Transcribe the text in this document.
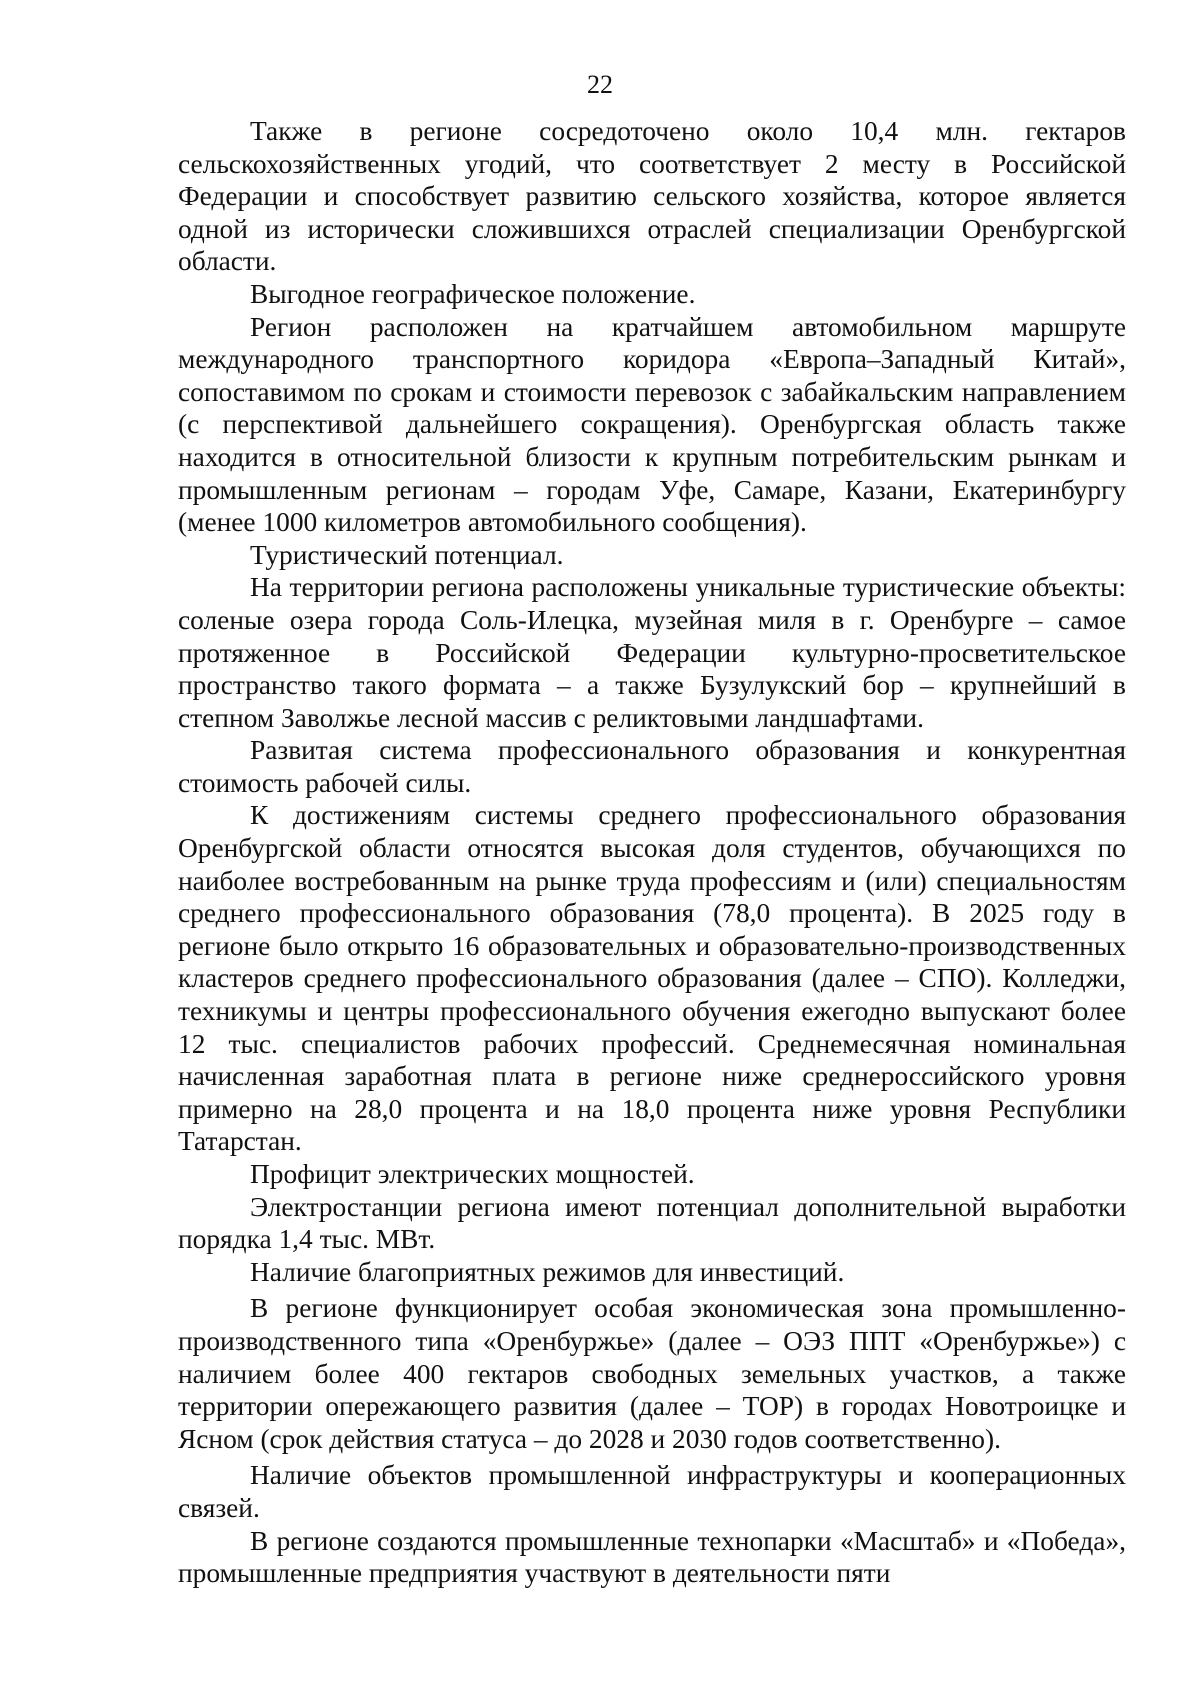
22

Также в регионе сосредоточено около 10,4 млн. гектаров сельскохозяйственных угодий, что соответствует 2 месту в Российской Федерации и способствует развитию сельского хозяйства, которое является одной из исторически сложившихся отраслей специализации Оренбургской области.

Выгодное географическое положение.

Регион расположен на кратчайшем автомобильном маршруте международного транспортного коридора «Европа–Западный Китай», сопоставимом по срокам и стоимости перевозок с забайкальским направлением (с перспективой дальнейшего сокращения). Оренбургская область также находится в относительной близости к крупным потребительским рынкам и промышленным регионам – городам Уфе, Самаре, Казани, Екатеринбургу (менее 1000 километров автомобильного сообщения).

Туристический потенциал.

На территории региона расположены уникальные туристические объекты: соленые озера города Соль-Илецка, музейная миля в г. Оренбурге – самое протяженное в Российской Федерации культурно-просветительское пространство такого формата – а также Бузулукский бор – крупнейший в степном Заволжье лесной массив с реликтовыми ландшафтами.

Развитая система профессионального образования и конкурентная стоимость рабочей силы.

К достижениям системы среднего профессионального образования Оренбургской области относятся высокая доля студентов, обучающихся по наиболее востребованным на рынке труда профессиям и (или) специальностям среднего профессионального образования (78,0 процента). В 2025 году в регионе было открыто 16 образовательных и образовательно-производственных кластеров среднего профессионального образования (далее – СПО). Колледжи, техникумы и центры профессионального обучения ежегодно выпускают более 12 тыс. специалистов рабочих профессий. Среднемесячная номинальная начисленная заработная плата в регионе ниже среднероссийского уровня примерно на 28,0 процента и на 18,0 процента ниже уровня Республики Татарстан.

Профицит электрических мощностей.

Электростанции региона имеют потенциал дополнительной выработки порядка 1,4 тыс. МВт.

Наличие благоприятных режимов для инвестиций.

В регионе функционирует особая экономическая зона промышленно-производственного типа «Оренбуржье» (далее – ОЭЗ ППТ «Оренбуржье») с наличием более 400 гектаров свободных земельных участков, а также территории опережающего развития (далее – ТОР) в городах Новотроицке и Ясном (срок действия статуса – до 2028 и 2030 годов соответственно).

Наличие объектов промышленной инфраструктуры и кооперационных связей.

В регионе создаются промышленные технопарки «Масштаб» и «Победа», промышленные предприятия участвуют в деятельности пяти
